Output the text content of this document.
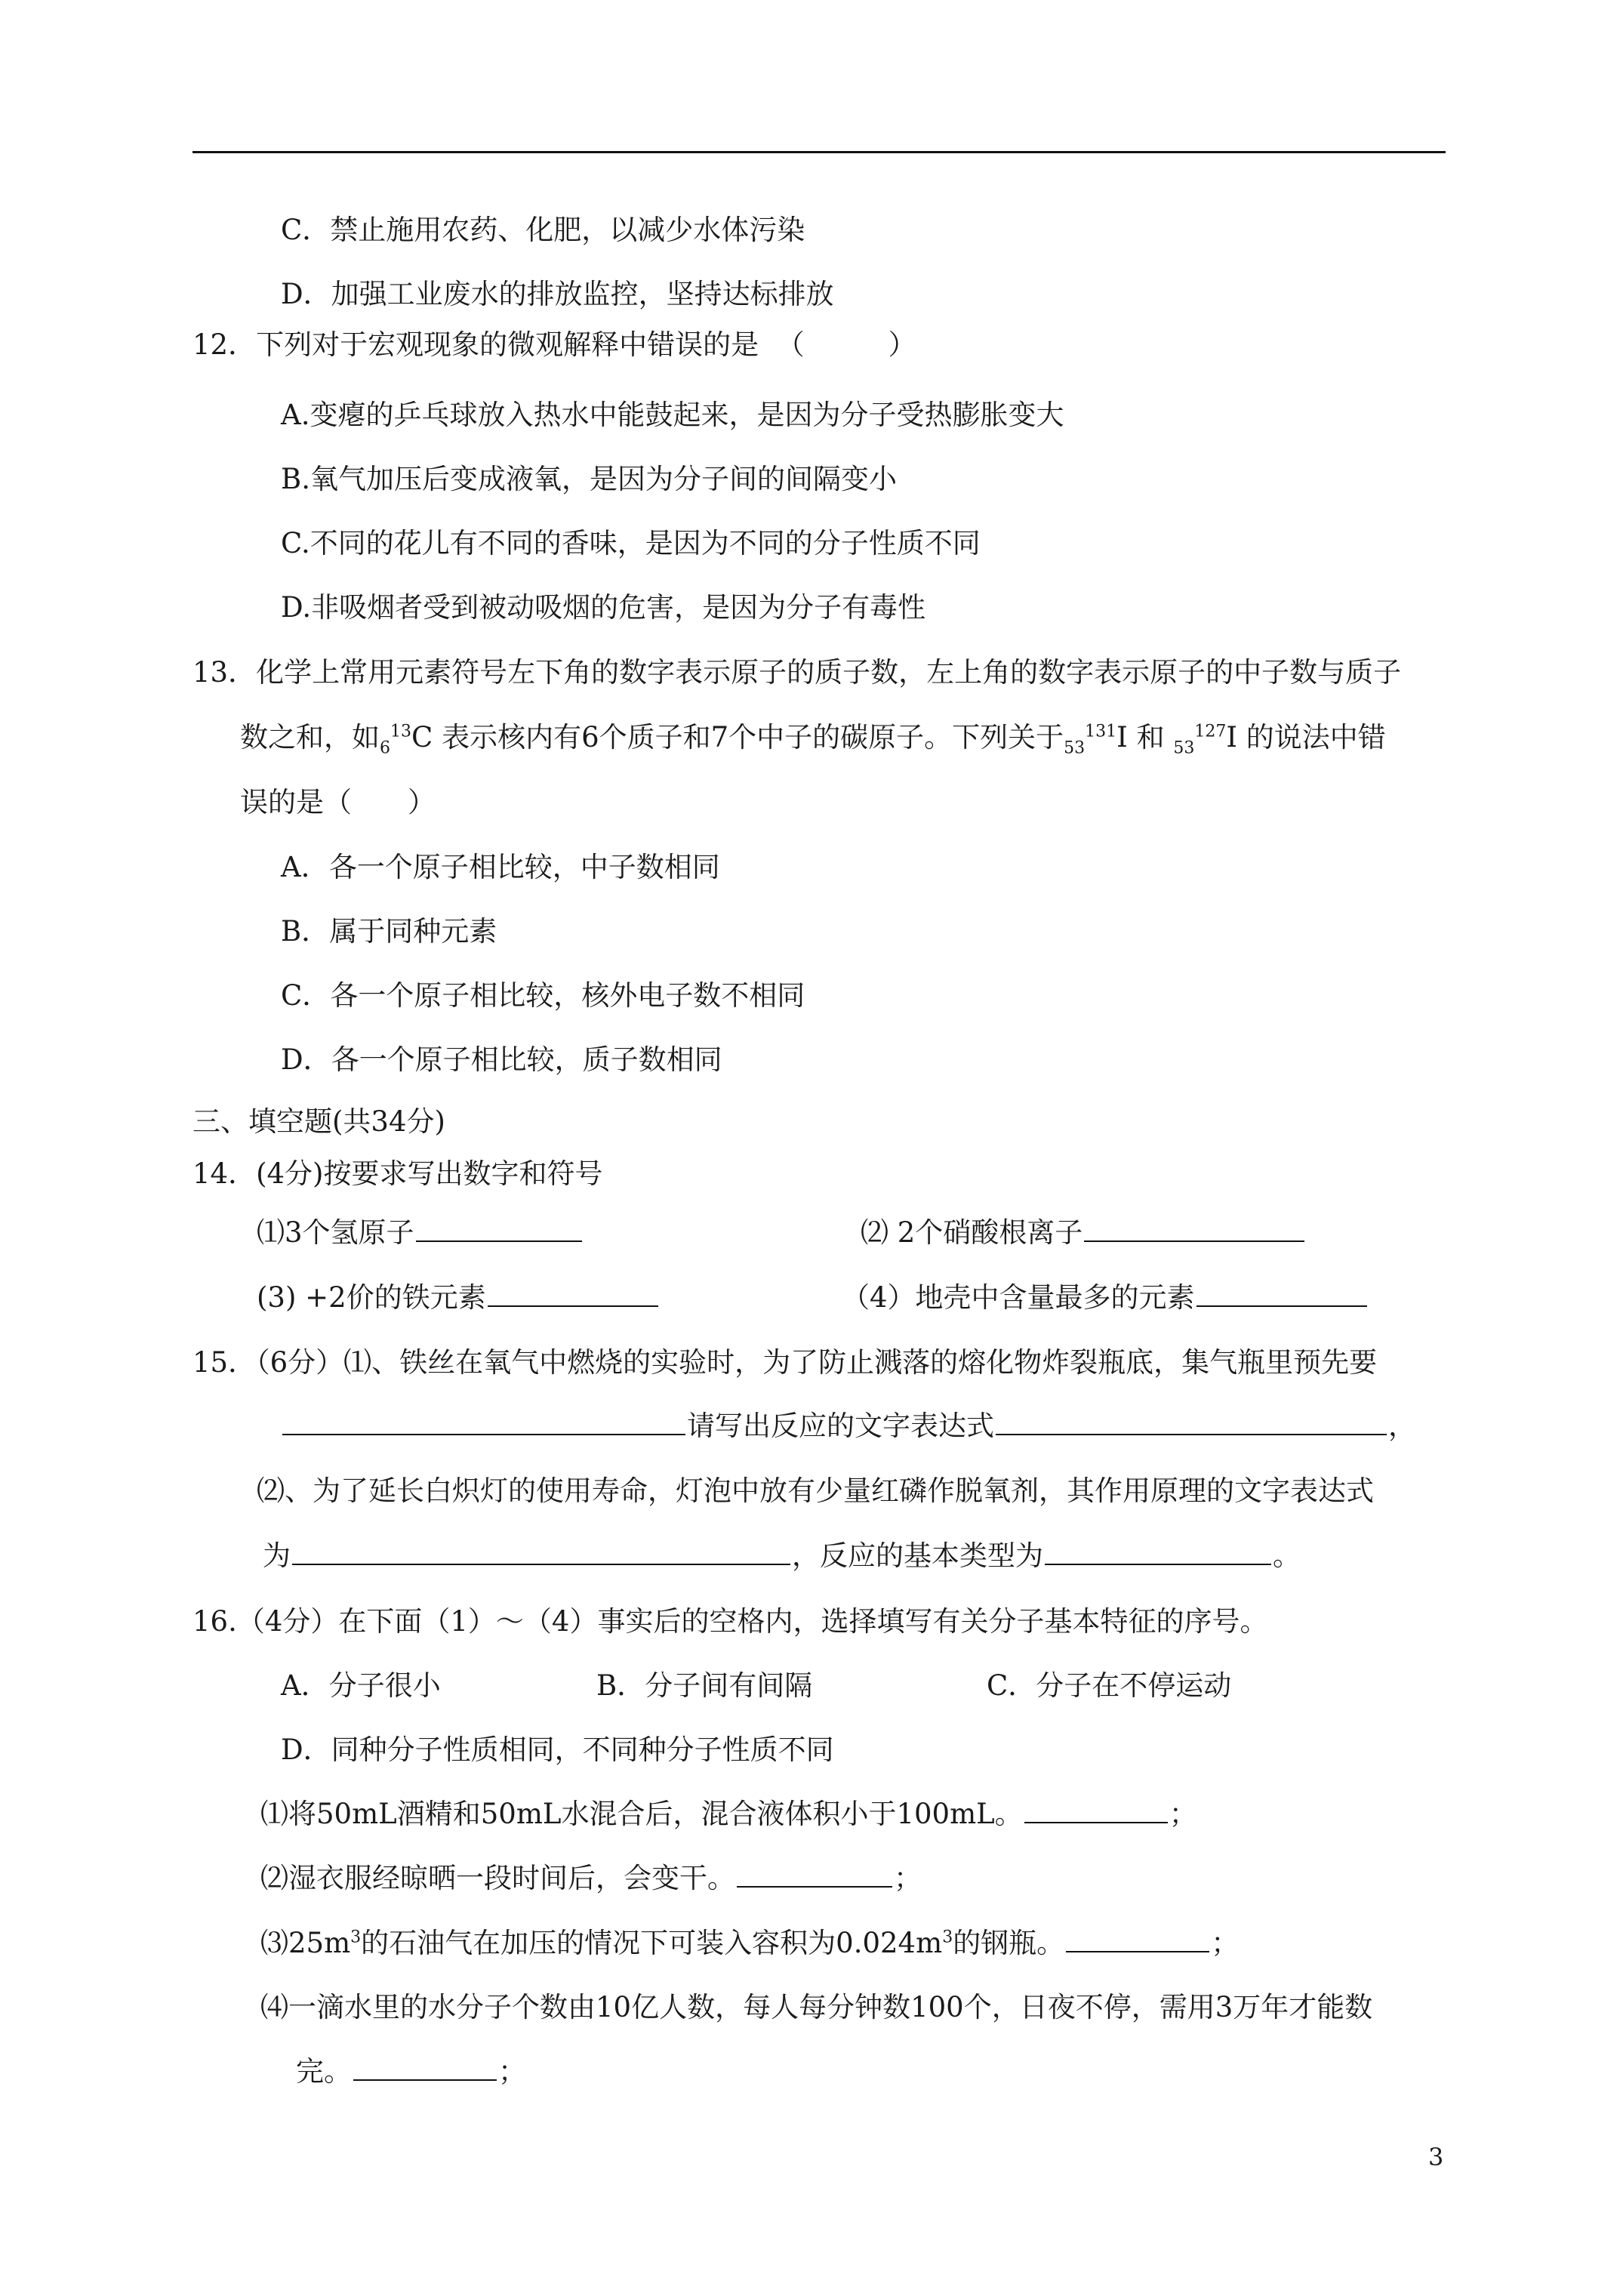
C．禁止施用农药、化肥，以减少水体污染
D．加强工业废水的排放监控，坚持达标排放
12．下列对于宏观现象的微观解释中错误的是 （　　　）
A.变瘪的乒乓球放入热水中能鼓起来，是因为分子受热膨胀变大
B.氧气加压后变成液氧，是因为分子间的间隔变小
C.不同的花儿有不同的香味，是因为不同的分子性质不同
D.非吸烟者受到被动吸烟的危害，是因为分子有毒性
13．化学上常用元素符号左下角的数字表示原子的质子数，左上角的数字表示原子的中子数与质子
数之和，如$_6^{13}$C 表示核内有6个质子和7个中子的碳原子。下列关于$_{53}^{131}$I 和 $_{53}^{127}$I 的说法中错
误的是（　　）
A．各一个原子相比较，中子数相同
B．属于同种元素
C．各一个原子相比较，核外电子数不相同
D．各一个原子相比较，质子数相同
三、填空题(共34分)
14．(4分)按要求写出数字和符号
⑴3个氢原子	⑵ 2个硝酸根离子
(3) +2价的铁元素	（4）地壳中含量最多的元素
15．（6分）⑴、铁丝在氧气中燃烧的实验时，为了防止溅落的熔化物炸裂瓶底，集气瓶里预先要
请写出反应的文字表达式	，
⑵、为了延长白炽灯的使用寿命，灯泡中放有少量红磷作脱氧剂，其作用原理的文字表达式
为	，反应的基本类型为	。
16.（4分）在下面（1）～（4）事实后的空格内，选择填写有关分子基本特征的序号。
A．分子很小	B．分子间有间隔	C．分子在不停运动
D．同种分子性质相同，不同种分子性质不同
⑴将50mL酒精和50mL水混合后，混合液体积小于100mL。	；
⑵湿衣服经晾晒一段时间后，会变干。	；
$⑶25m^3$的石油气在加压的情况下可装入容积为$0.024m^3$的钢瓶。	；
⑷一滴水里的水分子个数由10亿人数，每人每分钟数100个，日夜不停，需用3万年才能数
完。	；
3
